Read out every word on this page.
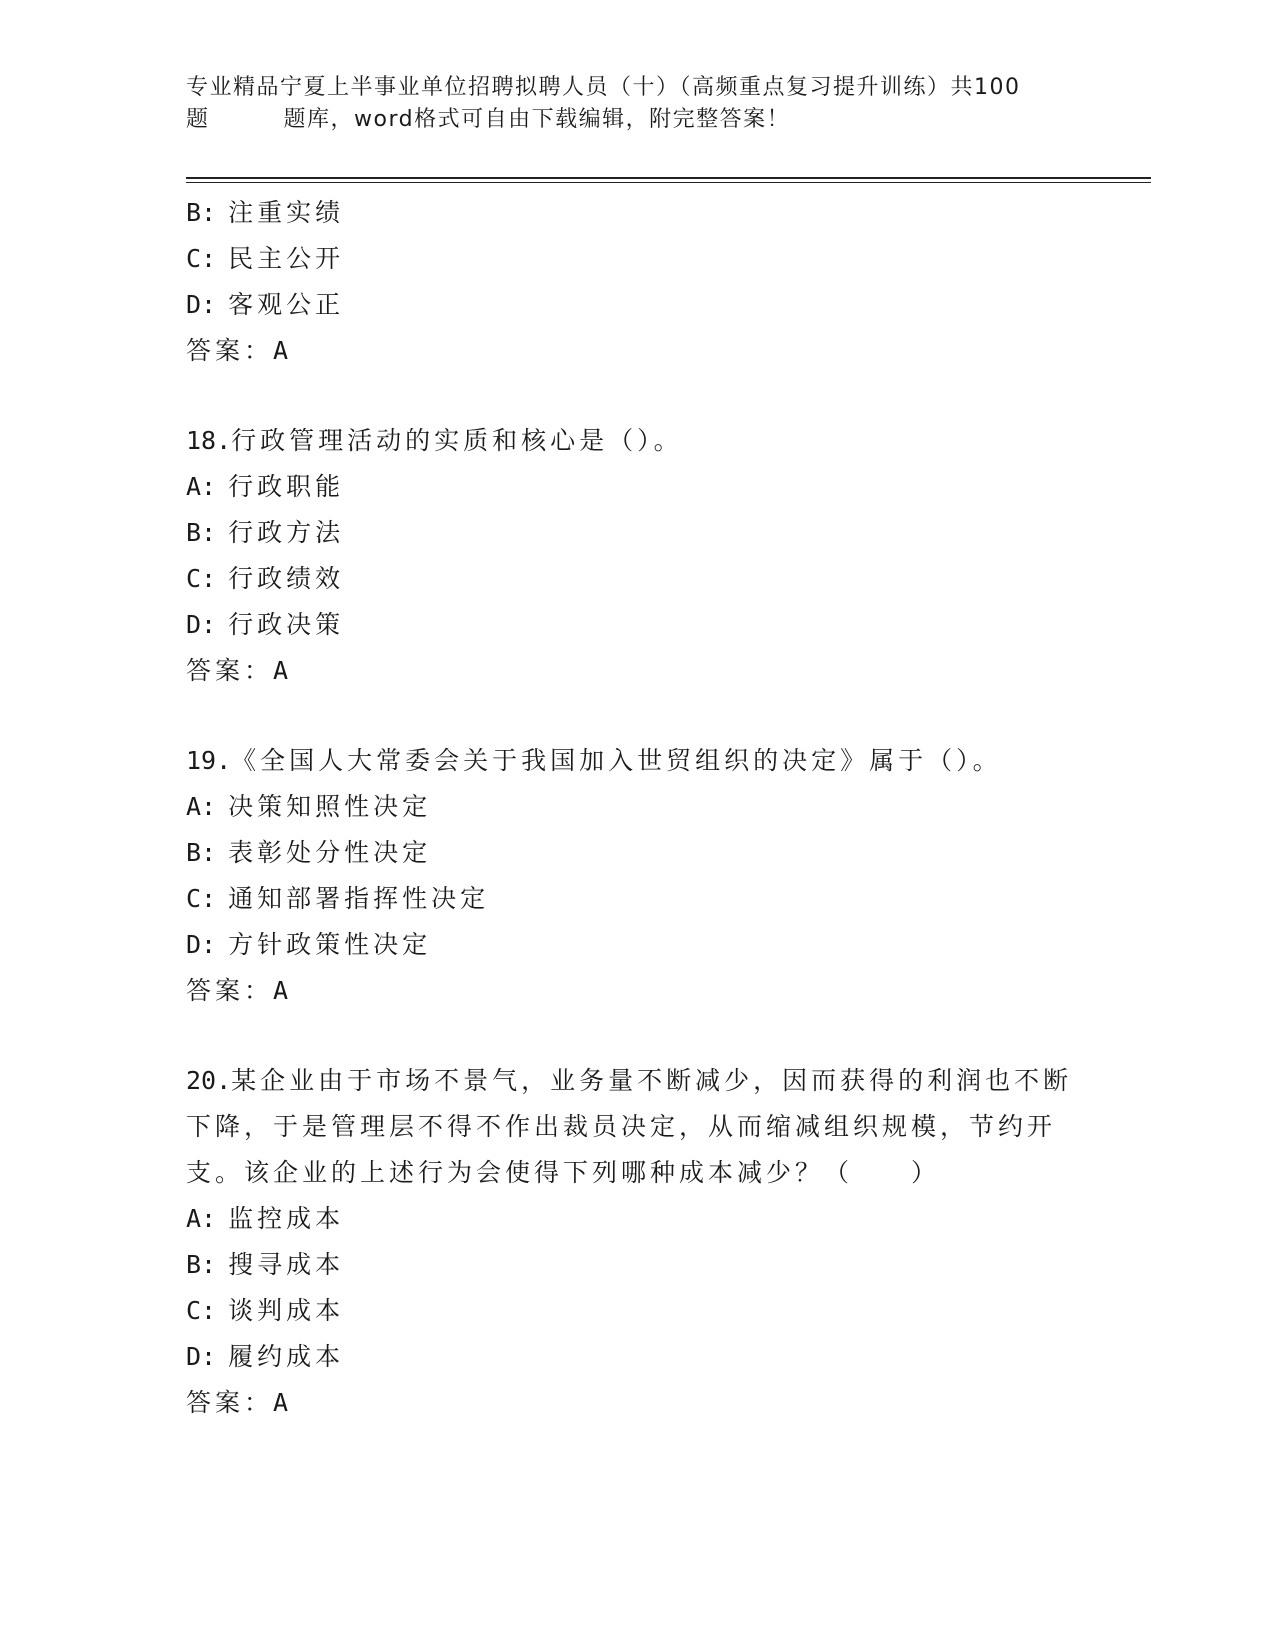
专业精品宁夏上半事业单位招聘拟聘人员（十）（高频重点复习提升训练）共100
题	题库，word格式可自由下载编辑，附完整答案！
B: 注重实绩
C: 民主公开
D: 客观公正
答案：A
18.行政管理活动的实质和核心是（）。
A: 行政职能
B: 行政方法
C: 行政绩效
D: 行政决策
答案：A
19.《全国人大常委会关于我国加入世贸组织的决定》属于（）。
A: 决策知照性决定
B: 表彰处分性决定
C: 通知部署指挥性决定
D: 方针政策性决定
答案：A
20.某企业由于市场不景气，业务量不断减少，因而获得的利润也不断
下降，于是管理层不得不作出裁员决定，从而缩减组织规模，节约开
支。该企业的上述行为会使得下列哪种成本减少？（　　）
A: 监控成本
B: 搜寻成本
C: 谈判成本
D: 履约成本
答案：A
